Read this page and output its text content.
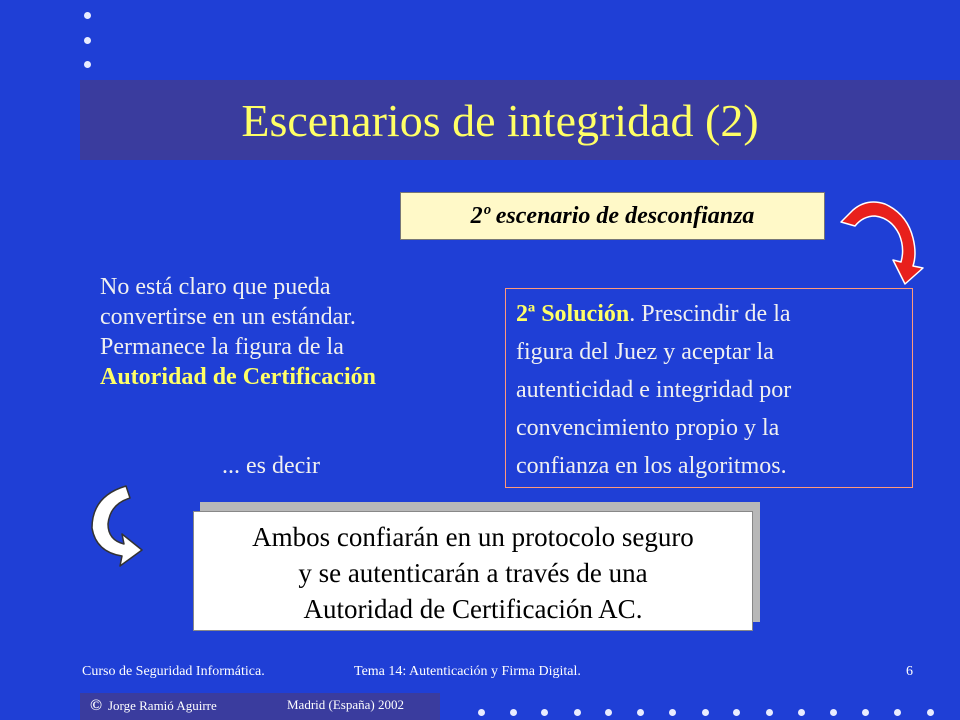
Escenarios de integridad (2)
2º escenario de desconfianza
No está claro que pueda
convertirse en un estándar.
Permanece la figura de la
Autoridad de Certificación
... es decir
2ª Solución. Prescindir de la
figura del Juez y aceptar la
autenticidad e integridad por
convencimiento propio y la
confianza en los algoritmos.
Ambos confiarán en un protocolo seguro
y se autenticarán a través de una
Autoridad de Certificación AC.
Curso de Seguridad Informática.	Tema 14: Autenticación y Firma Digital.	6
© Jorge Ramió Aguirre	Madrid (España) 2002
